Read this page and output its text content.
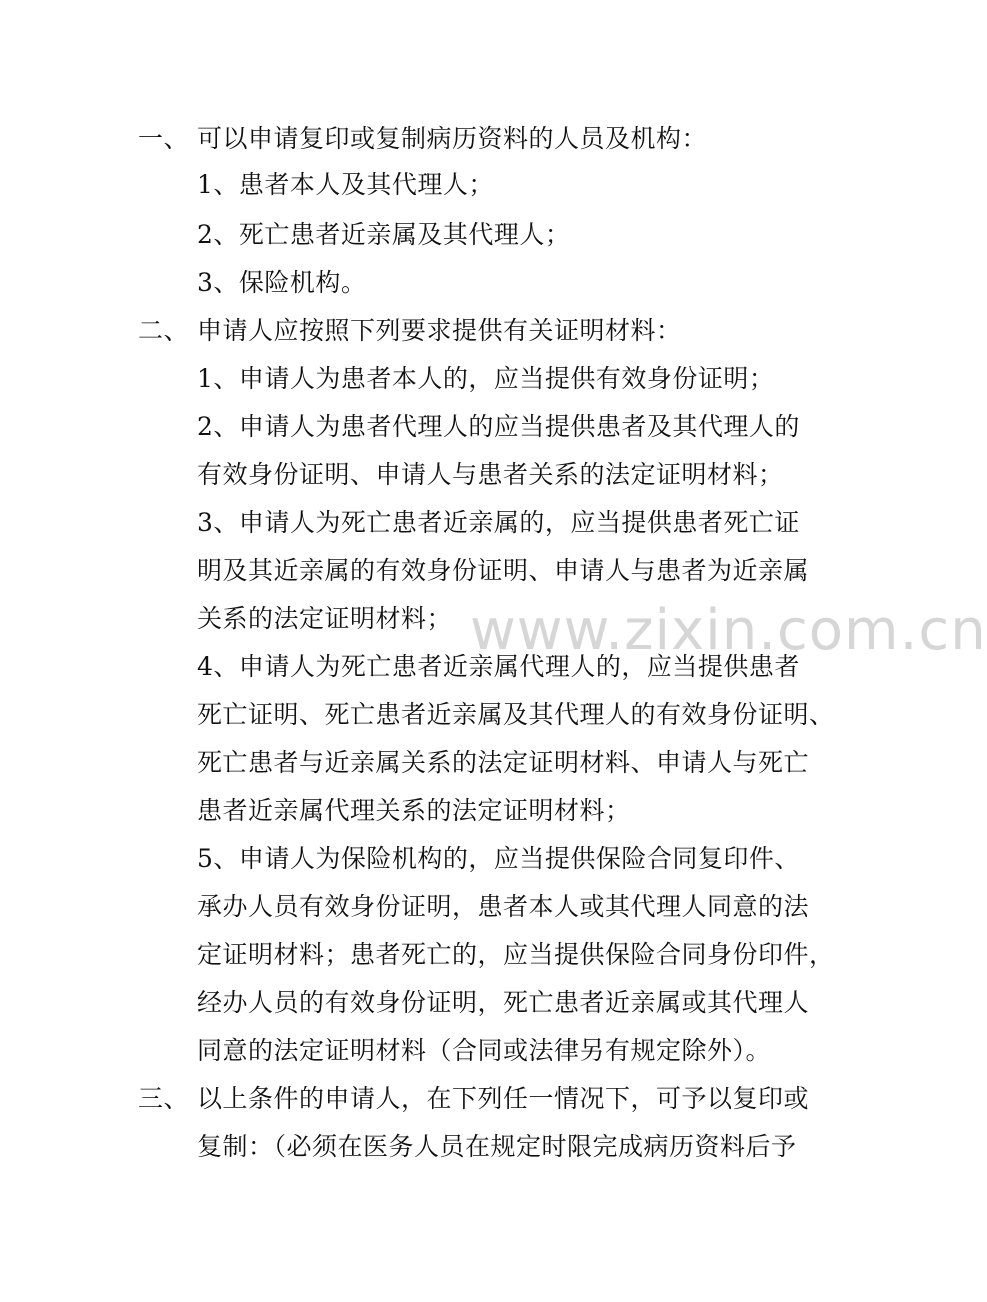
www.zixin.com.cn
一、 可以申请复印或复制病历资料的人员及机构：
1、患者本人及其代理人；
2、死亡患者近亲属及其代理人；
3、保险机构。
二、 申请人应按照下列要求提供有关证明材料：
1、申请人为患者本人的，应当提供有效身份证明；
2、申请人为患者代理人的应当提供患者及其代理人的
有效身份证明、申请人与患者关系的法定证明材料；
3、申请人为死亡患者近亲属的，应当提供患者死亡证
明及其近亲属的有效身份证明、申请人与患者为近亲属
关系的法定证明材料；
4、申请人为死亡患者近亲属代理人的，应当提供患者
死亡证明、死亡患者近亲属及其代理人的有效身份证明、
死亡患者与近亲属关系的法定证明材料、申请人与死亡
患者近亲属代理关系的法定证明材料；
5、申请人为保险机构的，应当提供保险合同复印件、
承办人员有效身份证明，患者本人或其代理人同意的法
定证明材料；患者死亡的，应当提供保险合同身份印件，
经办人员的有效身份证明，死亡患者近亲属或其代理人
同意的法定证明材料（合同或法律另有规定除外）。
三、 以上条件的申请人，在下列任一情况下，可予以复印或
复制：（必须在医务人员在规定时限完成病历资料后予
